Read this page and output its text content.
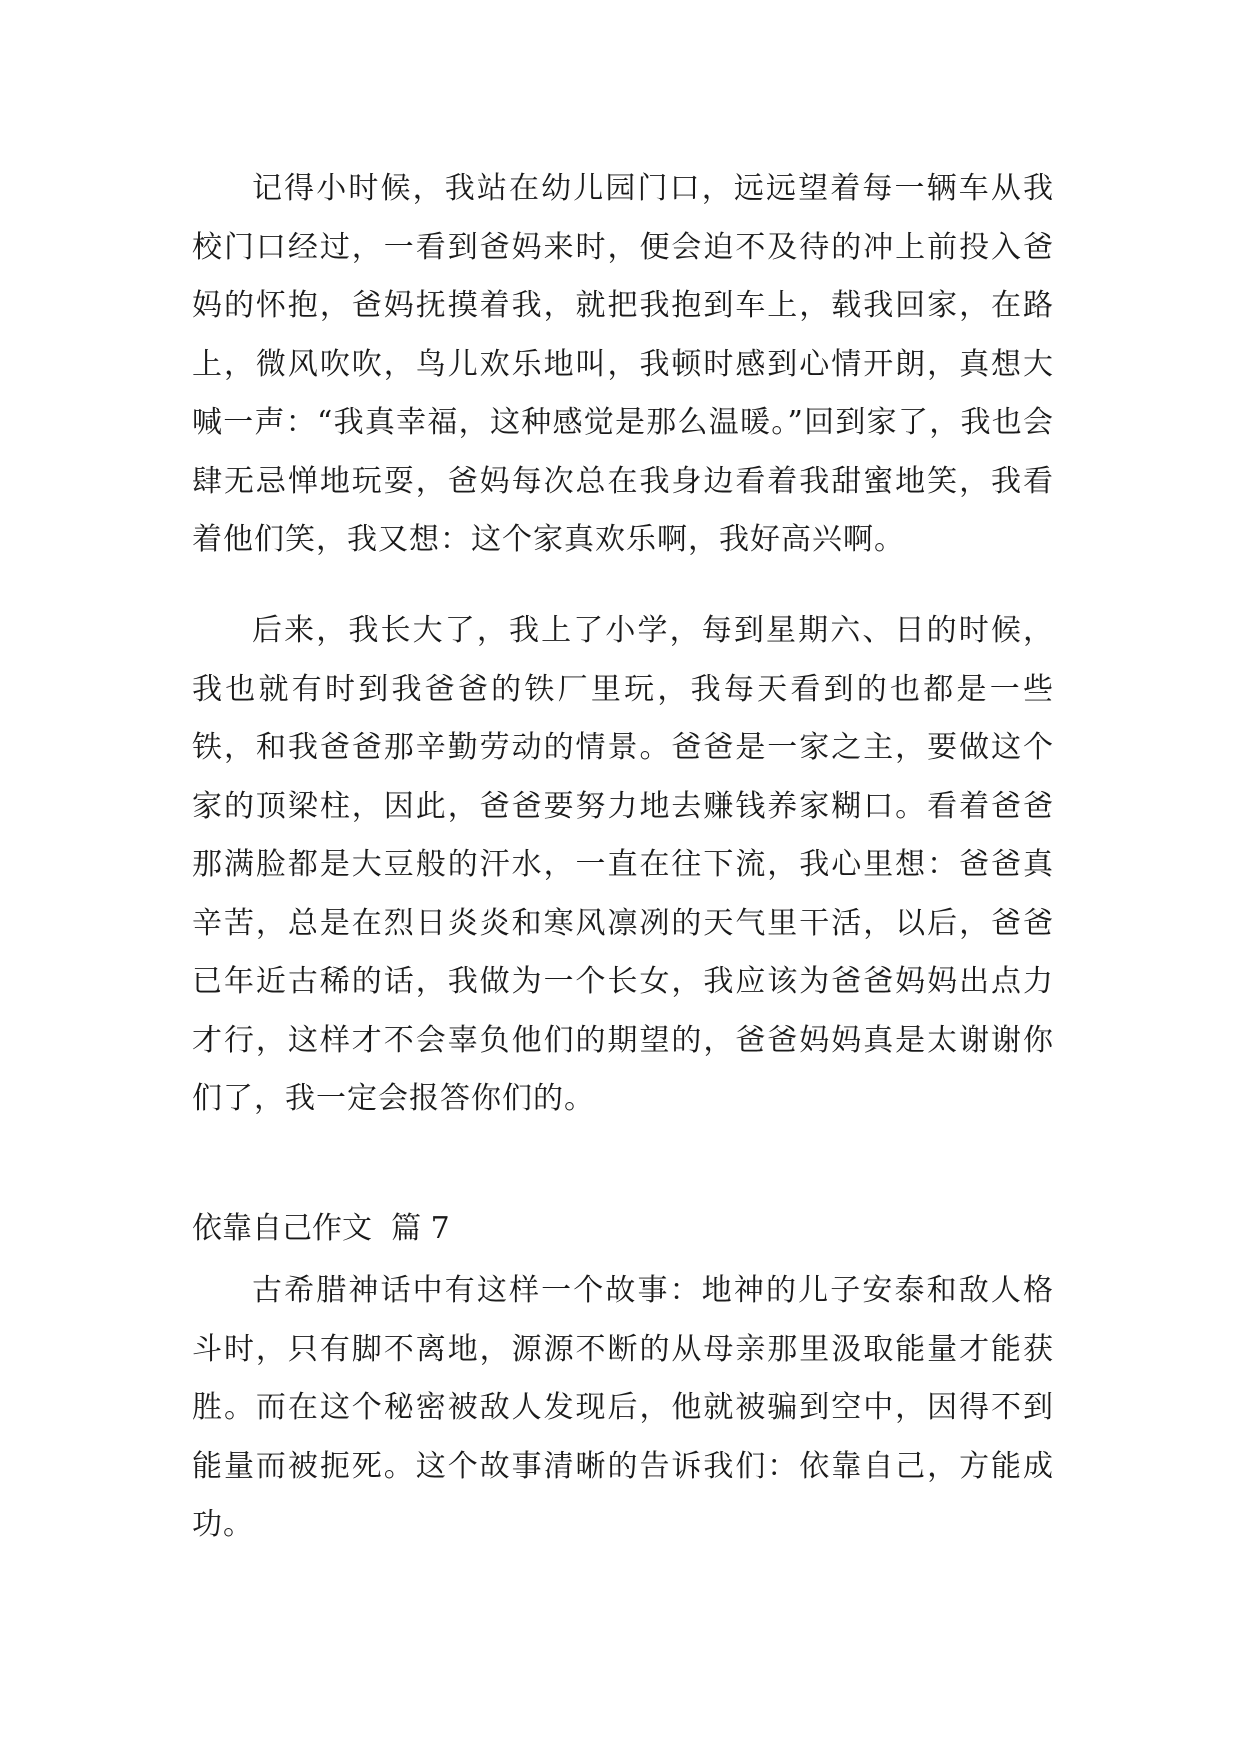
记得小时候，我站在幼儿园门口，远远望着每一辆车从我校门口经过，一看到爸妈来时，便会迫不及待的冲上前投入爸妈的怀抱，爸妈抚摸着我，就把我抱到车上，载我回家，在路上，微风吹吹，鸟儿欢乐地叫，我顿时感到心情开朗，真想大喊一声：“我真幸福，这种感觉是那么温暖。”回到家了，我也会肆无忌惮地玩耍，爸妈每次总在我身边看着我甜蜜地笑，我看着他们笑，我又想：这个家真欢乐啊，我好高兴啊。

后来，我长大了，我上了小学，每到星期六、日的时候，我也就有时到我爸爸的铁厂里玩，我每天看到的也都是一些铁，和我爸爸那辛勤劳动的情景。爸爸是一家之主，要做这个家的顶梁柱，因此，爸爸要努力地去赚钱养家糊口。看着爸爸那满脸都是大豆般的汗水，一直在往下流，我心里想：爸爸真辛苦，总是在烈日炎炎和寒风凛冽的天气里干活，以后，爸爸已年近古稀的话，我做为一个长女，我应该为爸爸妈妈出点力才行，这样才不会辜负他们的期望的，爸爸妈妈真是太谢谢你们了，我一定会报答你们的。

依靠自己作文  篇 7

古希腊神话中有这样一个故事：地神的儿子安泰和敌人格斗时，只有脚不离地，源源不断的从母亲那里汲取能量才能获胜。而在这个秘密被敌人发现后，他就被骗到空中，因得不到能量而被扼死。这个故事清晰的告诉我们：依靠自己，方能成功。
